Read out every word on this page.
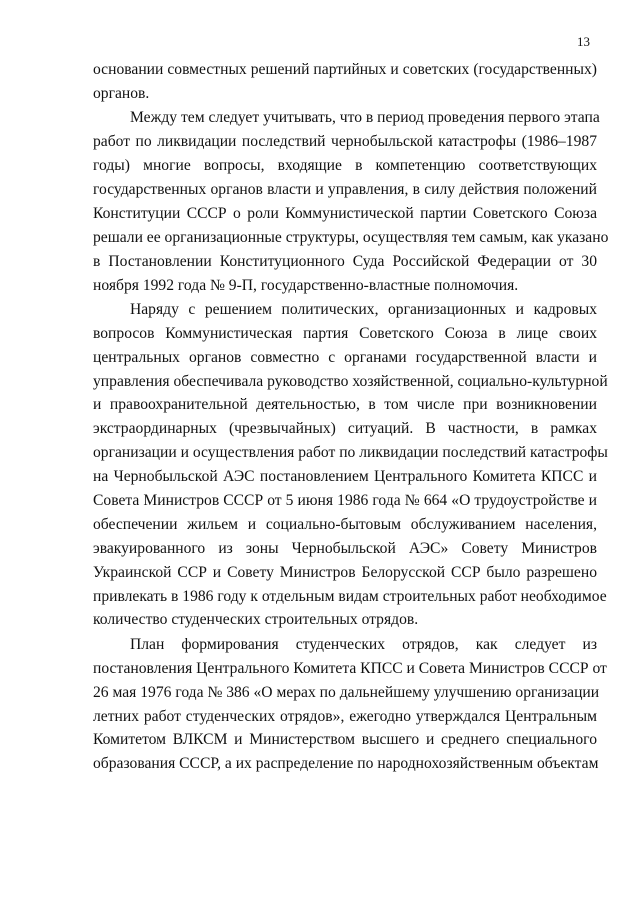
13
основании совместных решений партийных и советских (государственных)
органов.
Между тем следует учитывать, что в период проведения первого этапа
работ по ликвидации последствий чернобыльской катастрофы (1986–1987
годы) многие вопросы, входящие в компетенцию соответствующих
государственных органов власти и управления, в силу действия положений
Конституции СССР о роли Коммунистической партии Советского Союза
решали ее организационные структуры, осуществляя тем самым, как указано
в Постановлении Конституционного Суда Российской Федерации от 30
ноября 1992 года № 9-П, государственно-властные полномочия.
Наряду с решением политических, организационных и кадровых
вопросов Коммунистическая партия Советского Союза в лице своих
центральных органов совместно с органами государственной власти и
управления обеспечивала руководство хозяйственной, социально-культурной
и правоохранительной деятельностью, в том числе при возникновении
экстраординарных (чрезвычайных) ситуаций. В частности, в рамках
организации и осуществления работ по ликвидации последствий катастрофы
на Чернобыльской АЭС постановлением Центрального Комитета КПСС и
Совета Министров СССР от 5 июня 1986 года № 664 «О трудоустройстве и
обеспечении жильем и социально-бытовым обслуживанием населения,
эвакуированного из зоны Чернобыльской АЭС» Совету Министров
Украинской ССР и Совету Министров Белорусской ССР было разрешено
привлекать в 1986 году к отдельным видам строительных работ необходимое
количество студенческих строительных отрядов.
План формирования студенческих отрядов, как следует из
постановления Центрального Комитета КПСС и Совета Министров СССР от
26 мая 1976 года № 386 «О мерах по дальнейшему улучшению организации
летних работ студенческих отрядов», ежегодно утверждался Центральным
Комитетом ВЛКСМ и Министерством высшего и среднего специального
образования СССР, а их распределение по народнохозяйственным объектам
